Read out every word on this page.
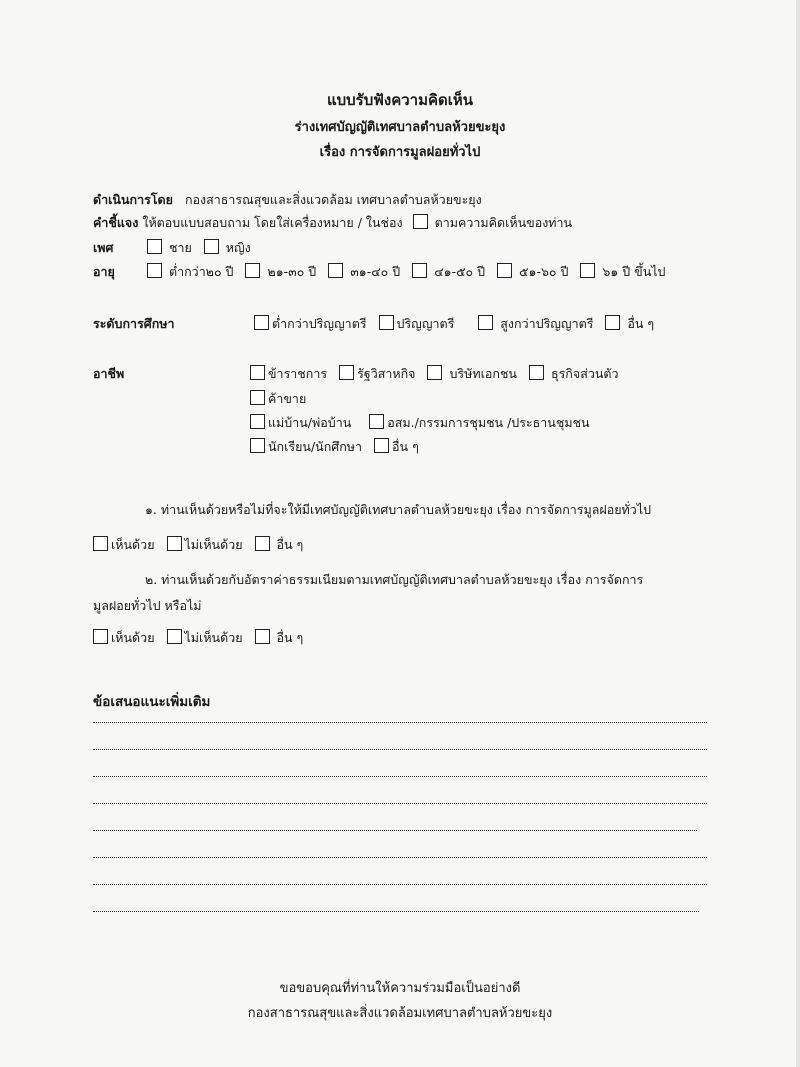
แบบรับฟังความคิดเห็น
ร่างเทศบัญญัติเทศบาลตำบลห้วยขะยุง
เรื่อง การจัดการมูลฝอยทั่วไป
ดำเนินการโดย กองสาธารณสุขและสิ่งแวดล้อม เทศบาลตำบลห้วยขะยุง
คำชี้แจง ให้ตอบแบบสอบถาม โดยใส่เครื่องหมาย / ในช่อง	ตามความคิดเห็นของท่าน
เพศ	ชาย	หญิง
อายุ	ต่ำกว่า๒๐ ปี	๒๑-๓๐ ปี	๓๑-๔๐ ปี	๔๑-๕๐ ปี	๕๑-๖๐ ปี	๖๑ ปี ขึ้นไป
ระดับการศึกษา	ต่ำกว่าปริญญาตรี ปริญญาตรี	สูงกว่าปริญญาตรี	อื่น ๆ
อาชีพ	ข้าราชการ รัฐวิสาหกิจ	บริษัทเอกชน	ธุรกิจส่วนตัว
ค้าขาย
แม่บ้าน/พ่อบ้าน	อสม./กรรมการชุมชน /ประธานชุมชน
นักเรียน/นักศึกษา อื่น ๆ
๑. ท่านเห็นด้วยหรือไม่ที่จะให้มีเทศบัญญัติเทศบาลตำบลห้วยขะยุง เรื่อง การจัดการมูลฝอยทั่วไป
เห็นด้วย ไม่เห็นด้วย	อื่น ๆ
๒. ท่านเห็นด้วยกับอัตราค่าธรรมเนียมตามเทศบัญญัติเทศบาลตำบลห้วยขะยุง เรื่อง การจัดการ
มูลฝอยทั่วไป หรือไม่
เห็นด้วย ไม่เห็นด้วย	อื่น ๆ
ข้อเสนอแนะเพิ่มเติม
ขอขอบคุณที่ท่านให้ความร่วมมือเป็นอย่างดี
กองสาธารณสุขและสิ่งแวดล้อมเทศบาลตำบลห้วยขะยุง
